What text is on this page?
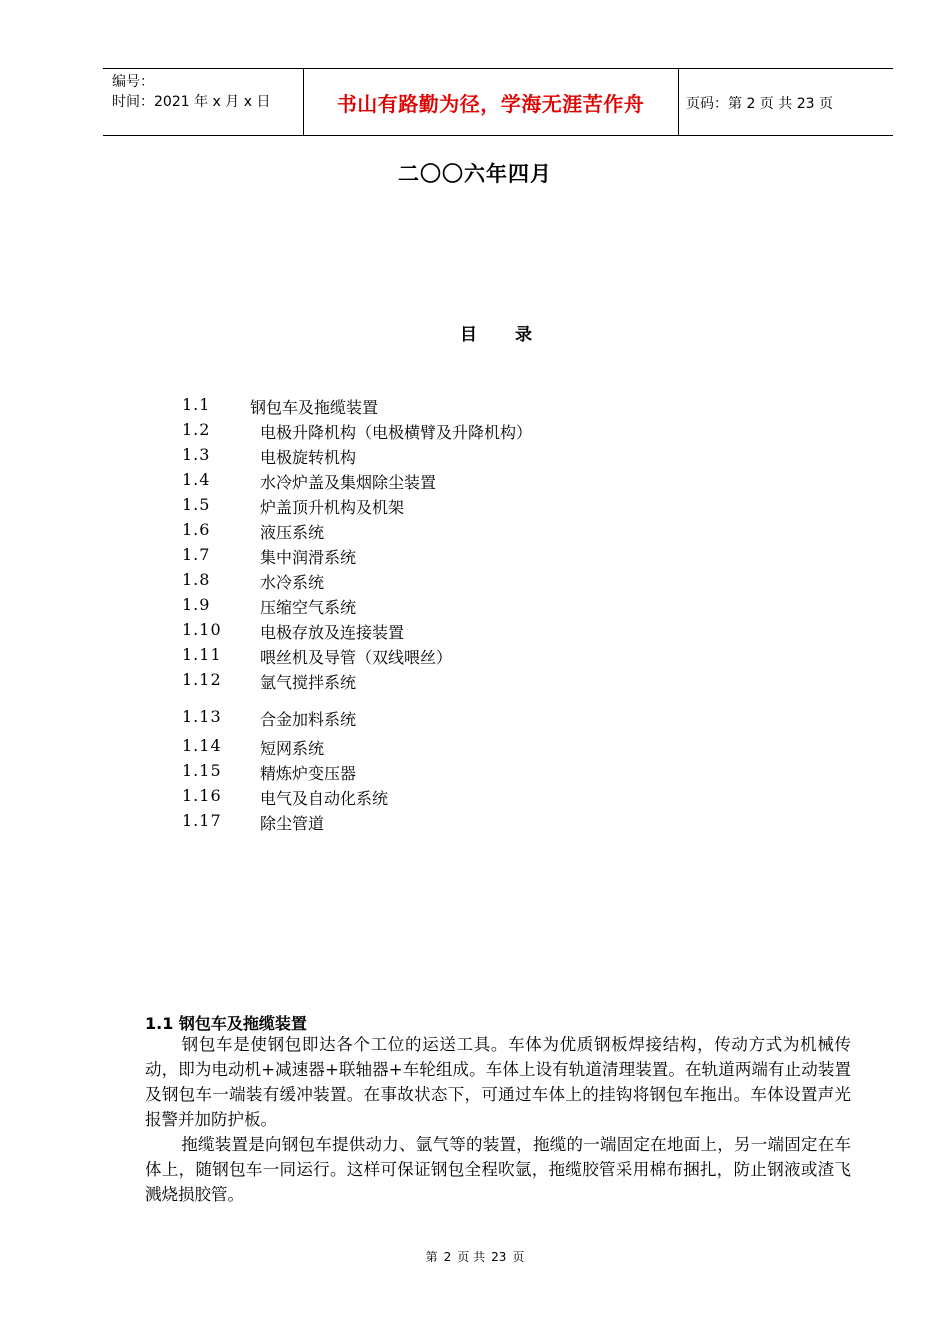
编号：
时间：2021 年 x 月 x 日	书山有路勤为径，学海无涯苦作舟	页码：第 2 页 共 23 页
二〇〇六年四月
目 录
1.1	钢包车及拖缆装置
1.2	电极升降机构（电极横臂及升降机构）
1.3	电极旋转机构
1.4	水冷炉盖及集烟除尘装置
1.5	炉盖顶升机构及机架
1.6	液压系统
1.7	集中润滑系统
1.8	水冷系统
1.9	压缩空气系统
1.10	电极存放及连接装置
1.11	喂丝机及导管（双线喂丝）
1.12	氩气搅拌系统
1.13	合金加料系统
1.14	短网系统
1.15	精炼炉变压器
1.16	电气及自动化系统
1.17	除尘管道
1.1 钢包车及拖缆装置
钢包车是使钢包即达各个工位的运送工具。车体为优质钢板焊接结构，传动方式为机械传动，即为电动机+减速器+联轴器+车轮组成。车体上设有轨道清理装置。在轨道两端有止动装置及钢包车一端装有缓冲装置。在事故状态下，可通过车体上的挂钩将钢包车拖出。车体设置声光报警并加防护板。
拖缆装置是向钢包车提供动力、氩气等的装置，拖缆的一端固定在地面上，另一端固定在车体上，随钢包车一同运行。这样可保证钢包全程吹氩，拖缆胶管采用棉布捆扎，防止钢液或渣飞溅烧损胶管。
第 2 页 共 23 页
